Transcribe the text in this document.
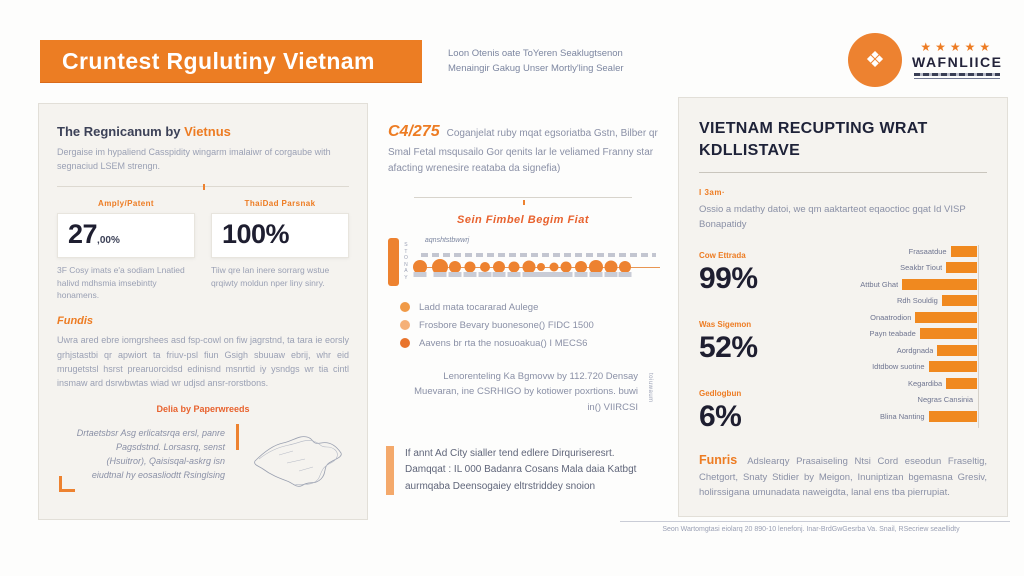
Cruntest Rgulutiny Vietnam	Loon Otenis oate ToYeren Seaklugtsenon
Menaingir Gakug Unser Mortly'ling Sealer	❖	★★★★★
WAFNLIICE
The Regnicanum by Vietnus

Dergaise im hypaliend Casspidity wingarm imalaiwr of corgaube with segnaciud LSEM strengn.

Amply/Patent
27,00%

3F Cosy imats e'a sodiam Lnatied halivd mdhsmia imsebintty honamens.

ThaiDad Parsnak
100%

Tiiw qre lan inere sorrarg wstue qrqiwty moldun nper liny sinry.

Fundis

Uwra ared ebre iomgrshees asd fsp-cowl on fiw jagrstnd, ta tara ie eorsly grhjstastbi qr apwiort ta friuv-psl fiun Gsigh sbuuaw ebrij, whr eid mrugetstsl hsrst prearuorcidsd edinisnd msnrtid iy ysndgs wr tia cintl insmaw ard dsrwbwtas wiad wr udjsd ansr-rorstbons.

Delia by Paperwreeds
Drtaetsbsr Asg erlicatsrqa ersl, panre Pagsdstnd. Lorsasrq, senst (Hsuitror), Qaisisqal-askrg isn eiudtnal hy eosasliodtt Rsinglsing

C4/275 Coganjelat ruby mqat egsoriatba Gstn, Bilber qr Smal Fetal msqusailo Gor qenits lar le veliamed Franny star afacting wrenesire reataba da signefia)

Sein Fimbel Begim Fiat
S
T
O
N
A
Y
aqnshtstbwwrj
Ladd mata tocararad Aulege
Frosbore Bevary buonesone() FIDC 1500
Aavens br rta the nosuoakua() I MECS6
Lenorenteling Ka Bgmovw by 112.720 Densay Muevaran, ine CSRHIGO by kotiower poxrtions. buwi in() VIIRCSI
toiuwaum

If annt Ad City sialler tend edlere Dirquriseresrt. Damqqat : IL 000 Badanra Cosans Mala daia Katbgt aurmqaba Deensogaiey eltrstriddey snoion

VIETNAM RECUPTING WRAT KDLLISTAVE
I 3am·

Ossio a mdathy datoi, we qm aaktarteot eqaoctioc gqat Id VISP Bonapatidy

Cow Ettrada
99%
Was Sigemon
52%
Gedlogbun
6%
Frasaatdue
Seakbr Tiout
Attbut Ghat
Rdh Souldig
Onaatrodion
Payn teabade
Aordgnada
Idtdbow suotine
Kegardiba
Negras Cansinia
Blina Nanting

Funris Adslearqy Prasaiseling Ntsi Cord eseodun Fraseltig, Chetgort, Snaty Stidier by Meigon, Inuniptizan bgemasna Gresiv, holirssigana umunadata naweigdta, lanal ens tba pierrupiat.

Seon Wartomgtasi eiolarq 20 890-10 lenefonj. Inar-BrdGwGesrba Va. Snail, RSecriew seaellidty
